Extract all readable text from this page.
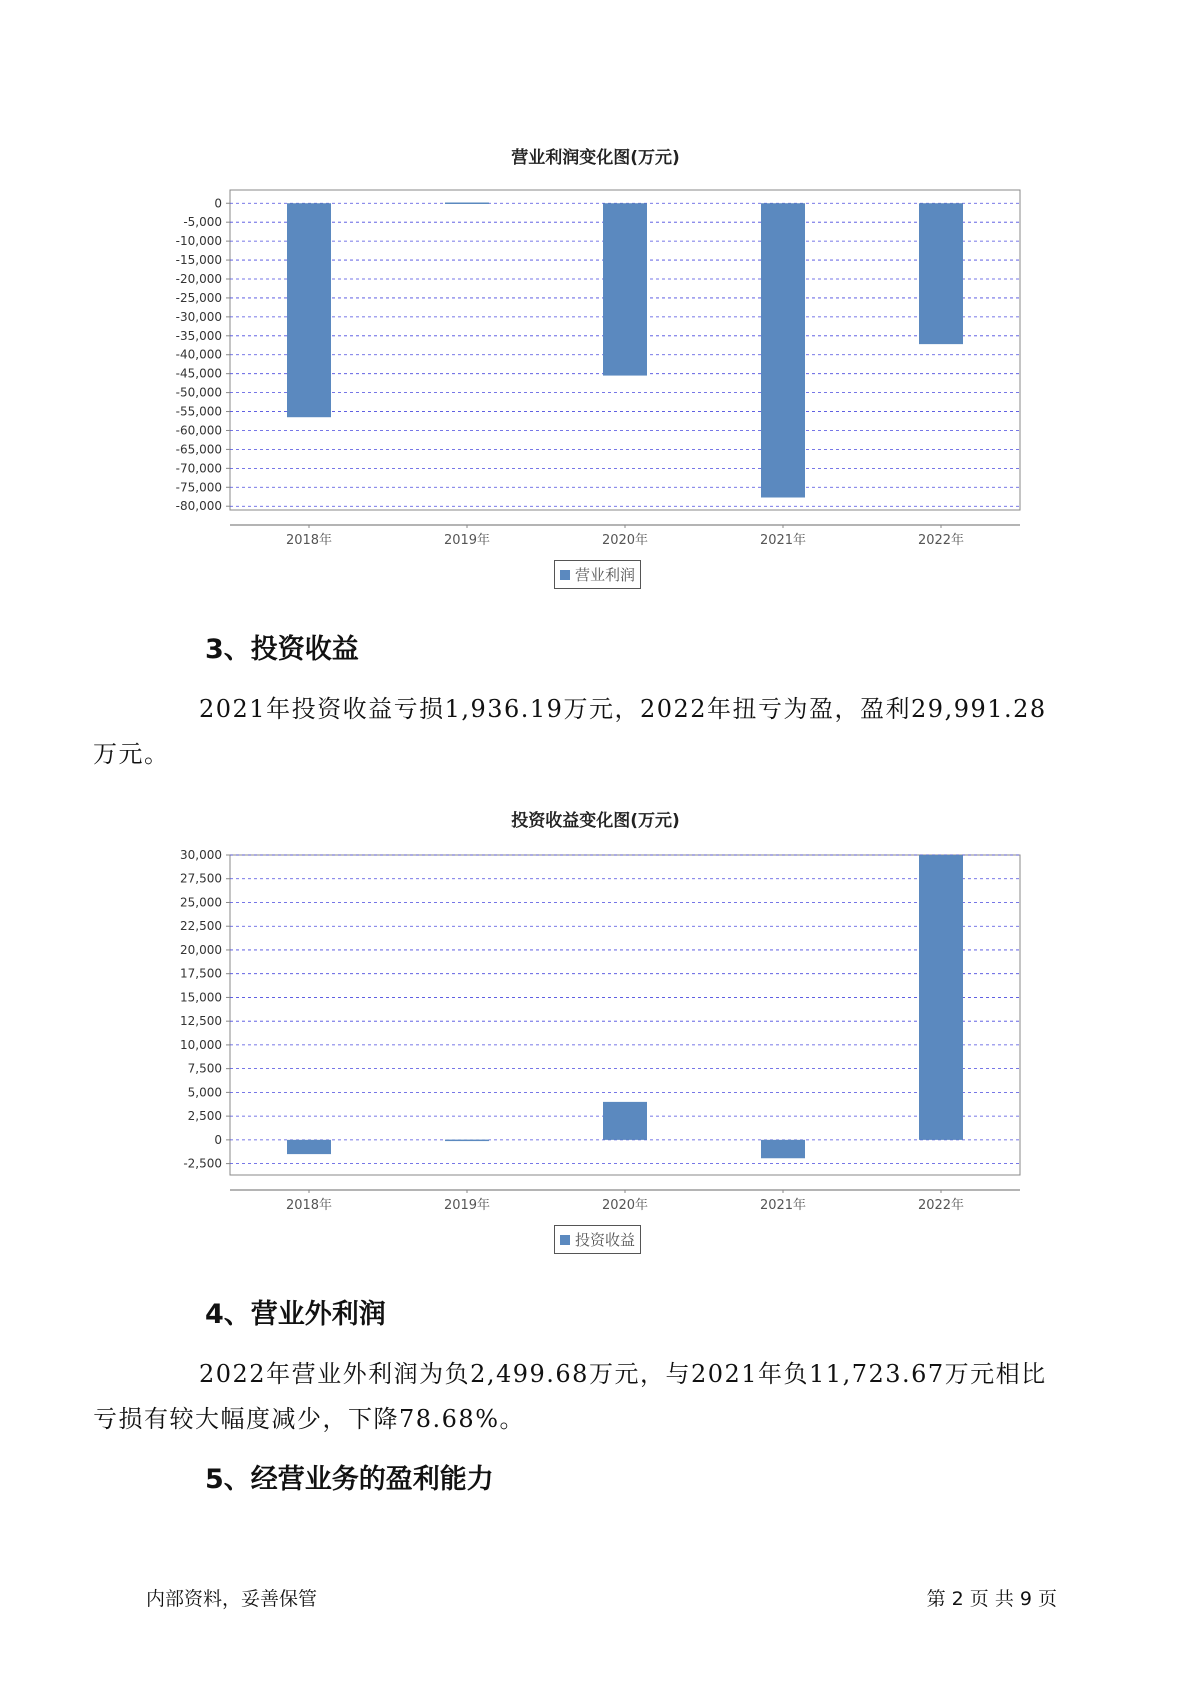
营业利润变化图(万元)
0
-5,000
-10,000
-15,000
-20,000
-25,000
-30,000
-35,000
-40,000
-45,000
-50,000
-55,000
-60,000
-65,000
-70,000
-75,000
-80,000
2018年	2019年	2020年	2021年	2022年
营业利润
3、投资收益

2021年投资收益亏损1,936.19万元，2022年扭亏为盈，盈利29,991.28
万元。

投资收益变化图(万元)
30,000
27,500
25,000
22,500
20,000
17,500
15,000
12,500
10,000
7,500
5,000
2,500
0
-2,500
2018年	2019年	2020年	2021年	2022年
投资收益
4、营业外利润

2022年营业外利润为负2,499.68万元，与2021年负11,723.67万元相比
亏损有较大幅度减少，下降78.68%。

5、经营业务的盈利能力
内部资料，妥善保管	第 2 页 共 9 页
